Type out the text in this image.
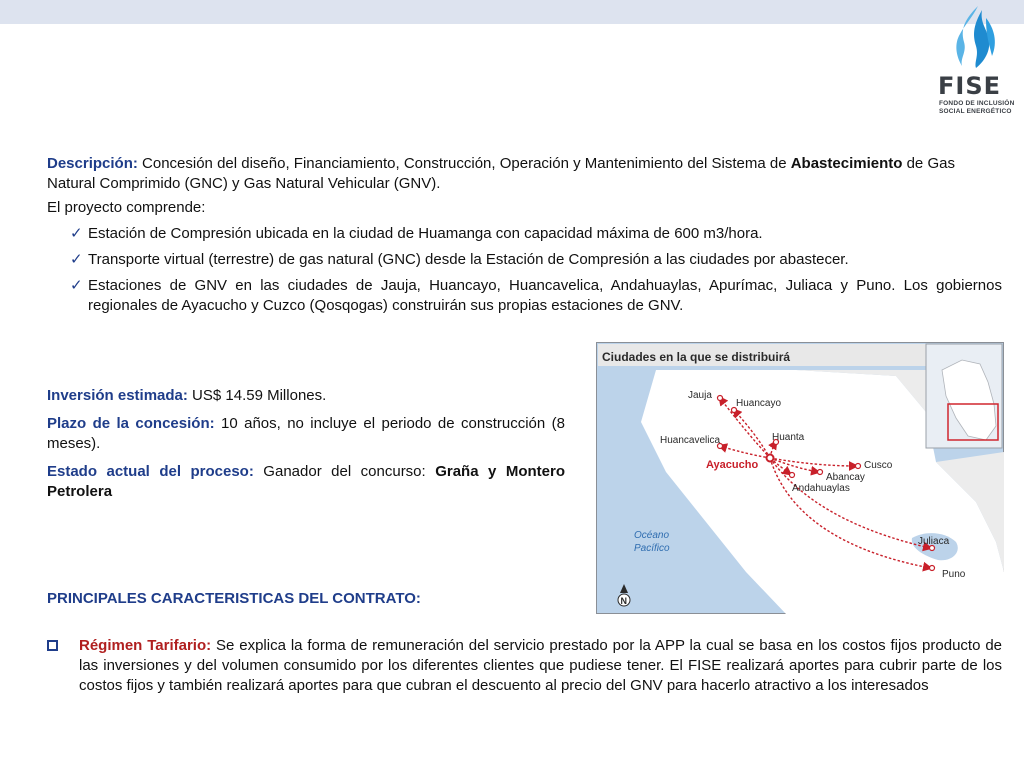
FISE
FONDO DE INCLUSIÓN
SOCIAL ENERGÉTICO
Descripción: Concesión del diseño, Financiamiento, Construcción, Operación y Mantenimiento del Sistema de Abastecimiento de Gas Natural Comprimido (GNC) y Gas Natural Vehicular (GNV).
El proyecto comprende:
✓ Estación de Compresión ubicada en la ciudad de Huamanga con capacidad máxima de 600 m3/hora.
✓ Transporte virtual (terrestre) de gas natural (GNC) desde la Estación de Compresión a las ciudades por abastecer.
✓ Estaciones de GNV en las ciudades de Jauja, Huancayo, Huancavelica, Andahuaylas, Apurímac, Juliaca y Puno. Los gobiernos regionales de Ayacucho y Cuzco (Qosqogas) construirán sus propias estaciones de GNV.

Inversión estimada: US$ 14.59 Millones.

Plazo de la concesión: 10 años, no incluye el periodo de construcción (8 meses).

Estado actual del proceso: Ganador del concurso: Graña y Montero Petrolera

Ciudades en la que se distribuirá
Jauja
Huancayo
Huancavelica	Huanta
Cusco
Abancay
Andahuaylas
Juliaca
Puno
Ayacucho
Océano
Pacífico
N
PRINCIPALES CARACTERISTICAS DEL CONTRATO:
Régimen Tarifario: Se explica la forma de remuneración del servicio prestado por la APP la cual se basa en los costos fijos producto de las inversiones y del volumen consumido por los diferentes clientes que pudiese tener. El FISE realizará aportes para cubrir parte de los costos fijos y también realizará aportes para que cubran el descuento al precio del GNV para hacerlo atractivo a los interesados
